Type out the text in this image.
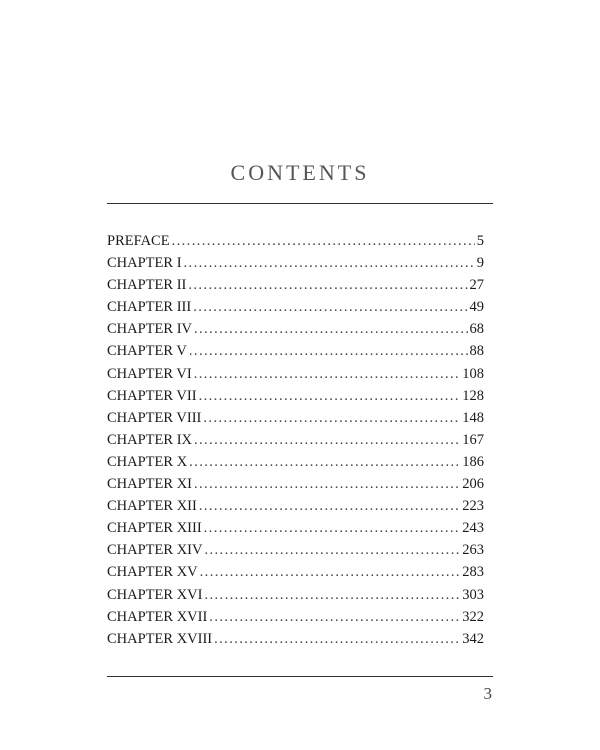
CONTENTS
PREFACE .....	5
CHAPTER I .....	9
CHAPTER II .....	27
CHAPTER III .....	49
CHAPTER IV .....	68
CHAPTER V .....	88
CHAPTER VI .....	108
CHAPTER VII .....	128
CHAPTER VIII .....	148
CHAPTER IX .....	167
CHAPTER X .....	186
CHAPTER XI .....	206
CHAPTER XII .....	223
CHAPTER XIII .....	243
CHAPTER XIV .....	263
CHAPTER XV .....	283
CHAPTER XVI .....	303
CHAPTER XVII .....	322
CHAPTER XVIII .....	342
3
